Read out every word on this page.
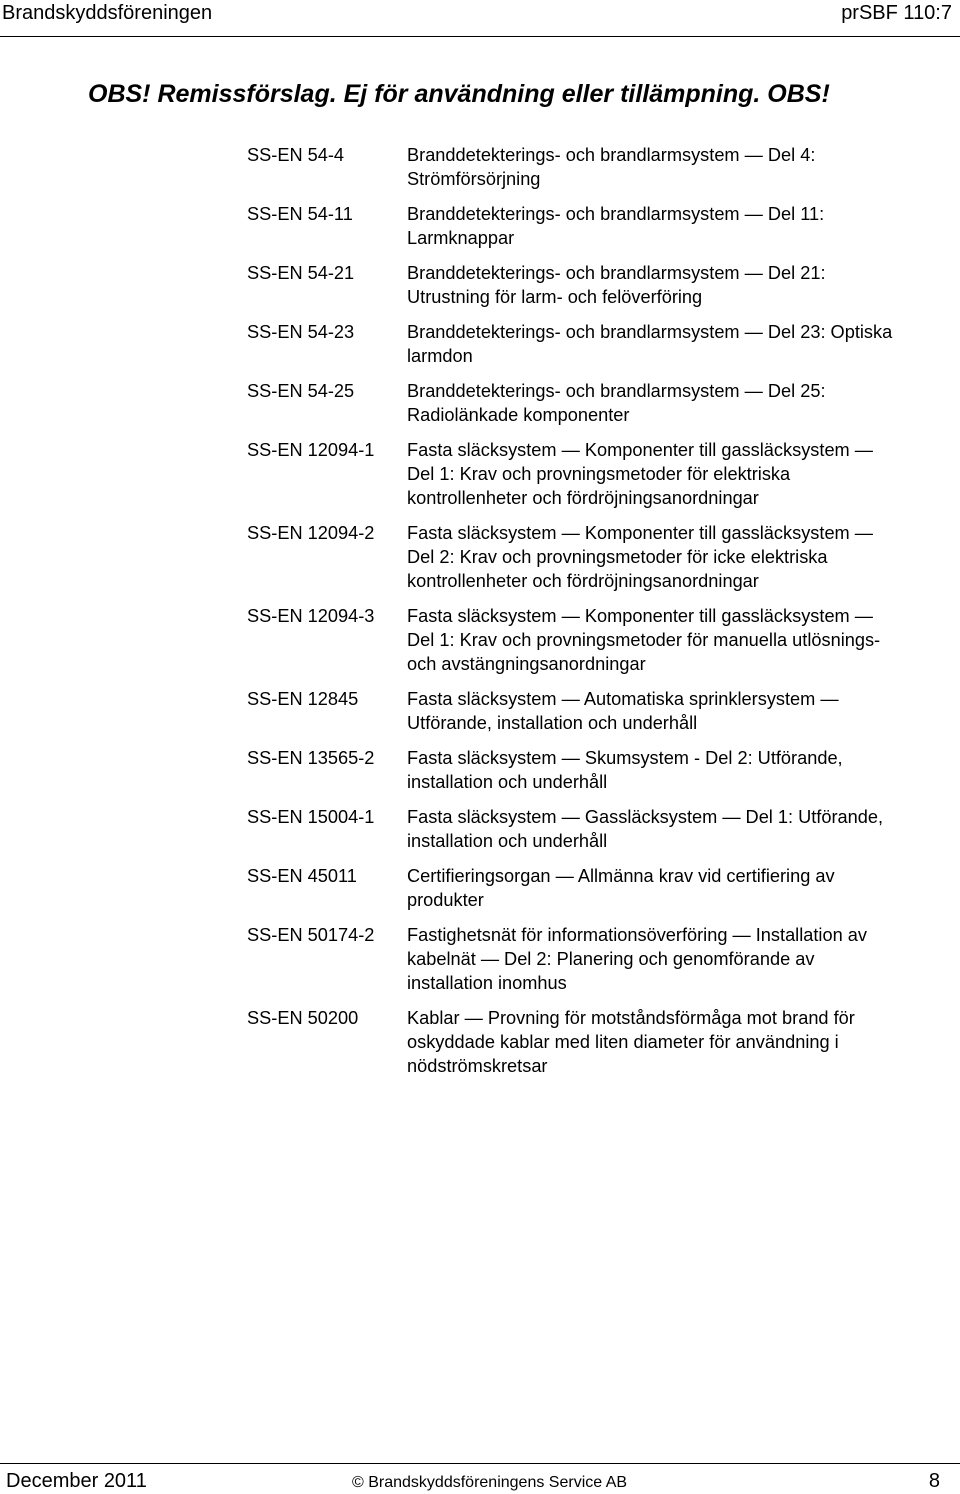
Brandskyddsföreningen	prSBF 110:7
OBS! Remissförslag. Ej för användning eller tillämpning. OBS!
SS-EN 54-4	Branddetekterings- och brandlarmsystem — Del 4:
Strömförsörjning
SS-EN 54-11	Branddetekterings- och brandlarmsystem — Del 11:
Larmknappar
SS-EN 54-21	Branddetekterings- och brandlarmsystem — Del 21:
Utrustning för larm- och felöverföring
SS-EN 54-23	Branddetekterings- och brandlarmsystem — Del 23: Optiska
larmdon
SS-EN 54-25	Branddetekterings- och brandlarmsystem — Del 25:
Radiolänkade komponenter
SS-EN 12094-1	Fasta släcksystem — Komponenter till gassläcksystem —
Del 1: Krav och provningsmetoder för elektriska
kontrollenheter och fördröjningsanordningar
SS-EN 12094-2	Fasta släcksystem — Komponenter till gassläcksystem —
Del 2: Krav och provningsmetoder för icke elektriska
kontrollenheter och fördröjningsanordningar
SS-EN 12094-3	Fasta släcksystem — Komponenter till gassläcksystem —
Del 1: Krav och provningsmetoder för manuella utlösnings-
och avstängningsanordningar
SS-EN 12845	Fasta släcksystem — Automatiska sprinklersystem —
Utförande, installation och underhåll
SS-EN 13565-2	Fasta släcksystem — Skumsystem - Del 2: Utförande,
installation och underhåll
SS-EN 15004-1	Fasta släcksystem — Gassläcksystem — Del 1: Utförande,
installation och underhåll
SS-EN 45011	Certifieringsorgan — Allmänna krav vid certifiering av
produkter
SS-EN 50174-2	Fastighetsnät för informationsöverföring — Installation av
kabelnät — Del 2: Planering och genomförande av
installation inomhus
SS-EN 50200	Kablar — Provning för motståndsförmåga mot brand för
oskyddade kablar med liten diameter för användning i
nödströmskretsar
December 2011	© Brandskyddsföreningens Service AB	8
